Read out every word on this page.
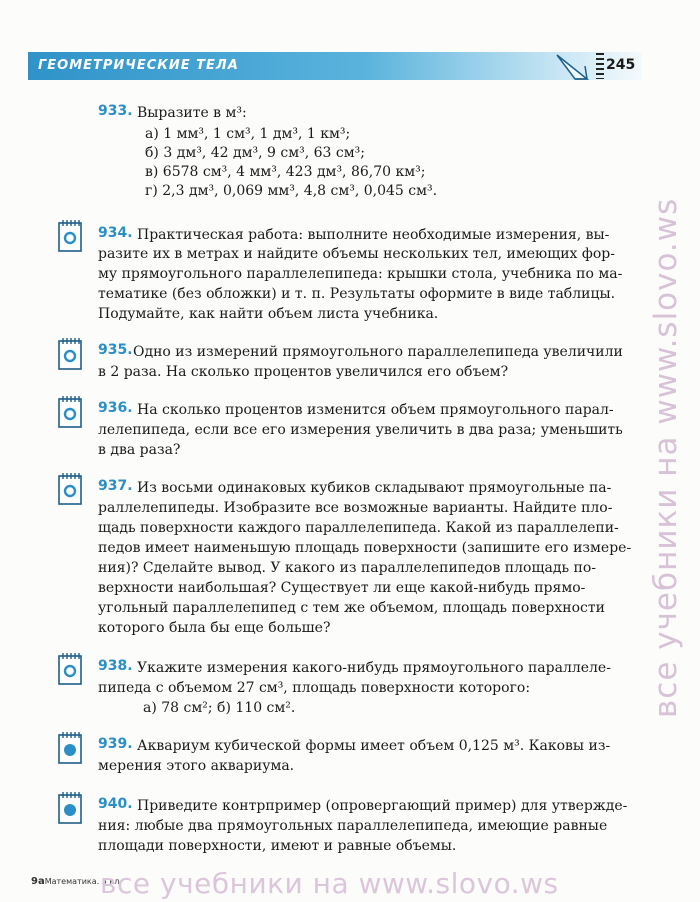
ГЕОМЕТРИЧЕСКИЕ ТЕЛА	245
933. Выразите в м³:
а) 1 мм³, 1 см³, 1 дм³, 1 км³;
б) 3 дм³, 42 дм³, 9 см³, 63 см³;
в) 6578 см³, 4 мм³, 423 дм³, 86,70 км³;
г) 2,3 дм³, 0,069 мм³, 4,8 см³, 0,045 см³.
934. Практическая работа: выполните необходимые измерения, вы-
разите их в метрах и найдите объемы нескольких тел, имеющих фор-
му прямоугольного параллелепипеда: крышки стола, учебника по ма-
тематике (без обложки) и т. п. Результаты оформите в виде таблицы.
Подумайте, как найти объем листа учебника.
935. Одно из измерений прямоугольного параллелепипеда увеличили
в 2 раза. На сколько процентов увеличился его объем?
936. На сколько процентов изменится объем прямоугольного парал-
лелепипеда, если все его измерения увеличить в два раза; уменьшить
в два раза?
937. Из восьми одинаковых кубиков складывают прямоугольные па-
раллелепипеды. Изобразите все возможные варианты. Найдите пло-
щадь поверхности каждого параллелепипеда. Какой из параллелепи-
педов имеет наименьшую площадь поверхности (запишите его измере-
ния)? Сделайте вывод. У какого из параллелепипедов площадь по-
верхности наибольшая? Существует ли еще какой-нибудь прямо-
угольный параллелепипед с тем же объемом, площадь поверхности
которого была бы еще больше?
938. Укажите измерения какого-нибудь прямоугольного параллеле-
пипеда с объемом 27 см³, площадь поверхности которого:
а) 78 см²; б) 110 см².
939. Аквариум кубической формы имеет объем 0,125 м³. Каковы из-
мерения этого аквариума.
940. Приведите контрпример (опровергающий пример) для утвержде-
ния: любые два прямоугольных параллелепипеда, имеющие равные
площади поверхности, имеют и равные объемы.
все учебники на www.slovo.ws
9аМатематика. 5 кл.
все учебники на www.slovo.ws
